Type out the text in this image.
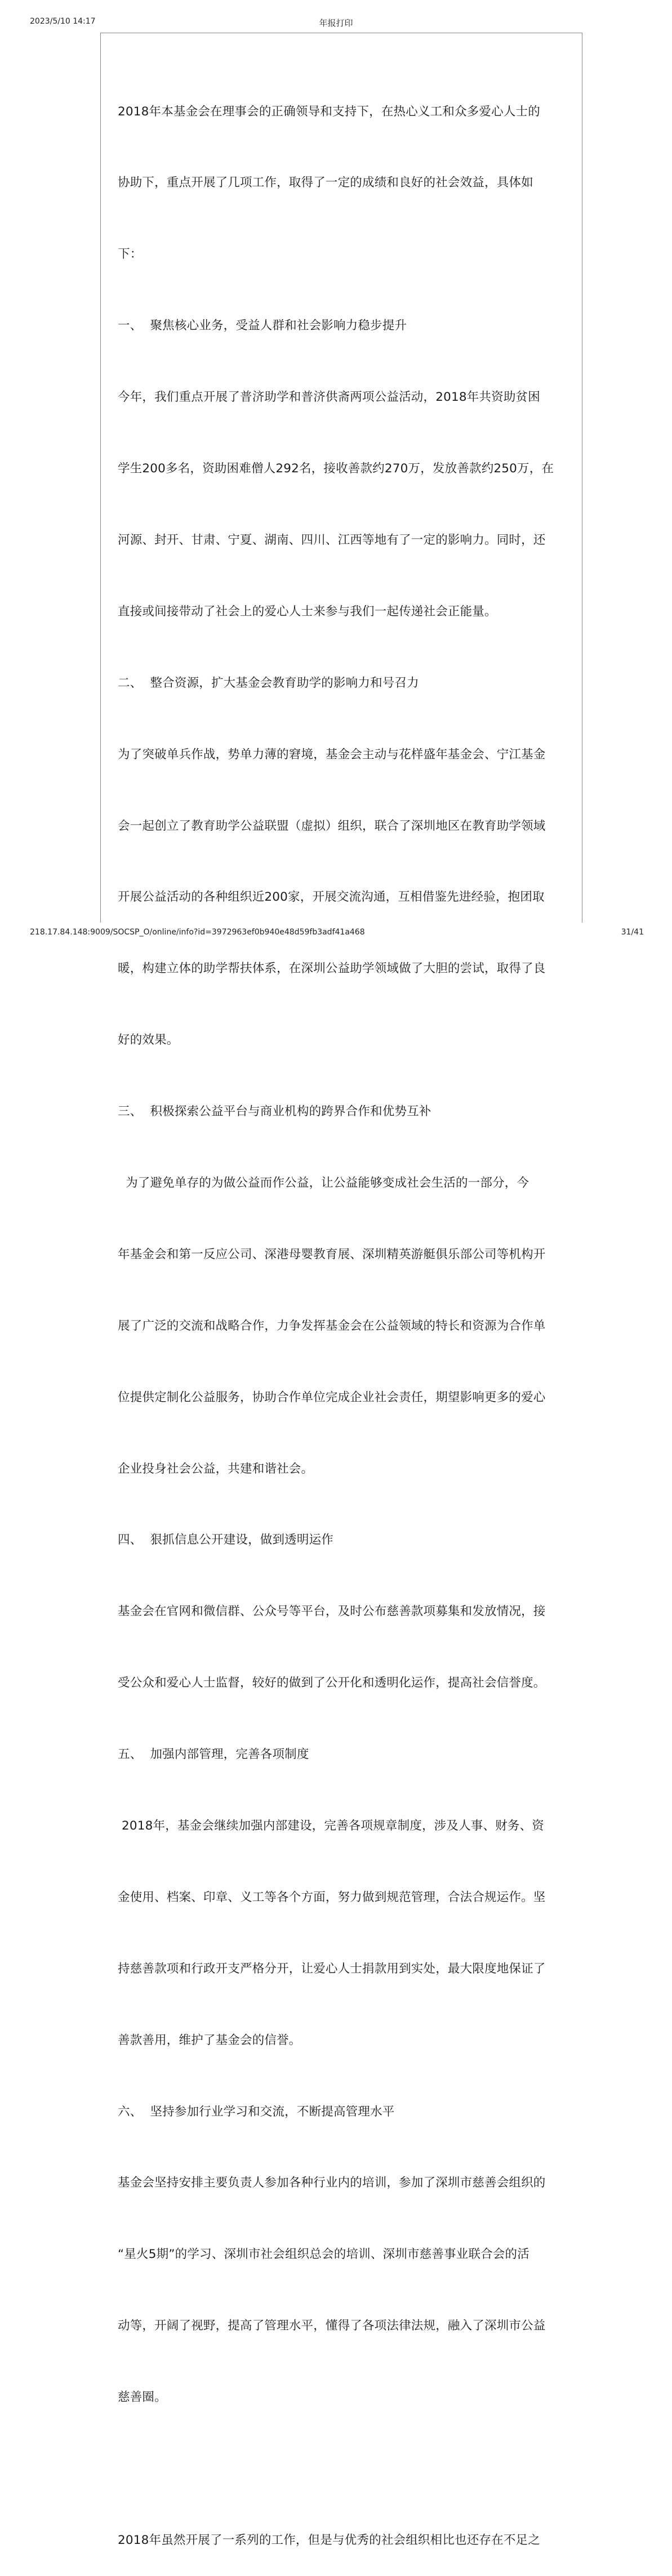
2023/5/10 14:17	年报打印

2018年本基金会在理事会的正确领导和支持下，在热心义工和众多爱心人士的

协助下，重点开展了几项工作，取得了一定的成绩和良好的社会效益，具体如

下：

一、  聚焦核心业务，受益人群和社会影响力稳步提升

今年，我们重点开展了普济助学和普济供斋两项公益活动，2018年共资助贫困

学生200多名，资助困难僧人292名，接收善款约270万，发放善款约250万，在

河源、封开、甘肃、宁夏、湖南、四川、江西等地有了一定的影响力。同时，还

直接或间接带动了社会上的爱心人士来参与我们一起传递社会正能量。

二、  整合资源，扩大基金会教育助学的影响力和号召力

为了突破单兵作战，势单力薄的窘境，基金会主动与花样盛年基金会、宁江基金

会一起创立了教育助学公益联盟（虚拟）组织，联合了深圳地区在教育助学领域

开展公益活动的各种组织近200家，开展交流沟通，互相借鉴先进经验，抱团取

暖，构建立体的助学帮扶体系，在深圳公益助学领域做了大胆的尝试，取得了良

好的效果。

三、  积极探索公益平台与商业机构的跨界合作和优势互补

为了避免单存的为做公益而作公益，让公益能够变成社会生活的一部分，今

年基金会和第一反应公司、深港母婴教育展、深圳精英游艇俱乐部公司等机构开

展了广泛的交流和战略合作，力争发挥基金会在公益领域的特长和资源为合作单

位提供定制化公益服务，协助合作单位完成企业社会责任，期望影响更多的爱心

企业投身社会公益，共建和谐社会。

四、  狠抓信息公开建设，做到透明运作

基金会在官网和微信群、公众号等平台，及时公布慈善款项募集和发放情况，接

受公众和爱心人士监督，较好的做到了公开化和透明化运作，提高社会信誉度。

五、  加强内部管理，完善各项制度

2018年，基金会继续加强内部建设，完善各项规章制度，涉及人事、财务、资

金使用、档案、印章、义工等各个方面，努力做到规范管理，合法合规运作。坚

持慈善款项和行政开支严格分开，让爱心人士捐款用到实处，最大限度地保证了

善款善用，维护了基金会的信誉。

六、  坚持参加行业学习和交流，不断提高管理水平

基金会坚持安排主要负责人参加各种行业内的培训，参加了深圳市慈善会组织的

“星火5期”的学习、深圳市社会组织总会的培训、深圳市慈善事业联合会的活

动等，开阔了视野，提高了管理水平，懂得了各项法律法规，融入了深圳市公益

慈善圈。

2018年虽然开展了一系列的工作，但是与优秀的社会组织相比也还存在不足之

218.17.84.148:9009/SOCSP_O/online/info?id=3972963ef0b940e48d59fb3adf41a468	31/41
